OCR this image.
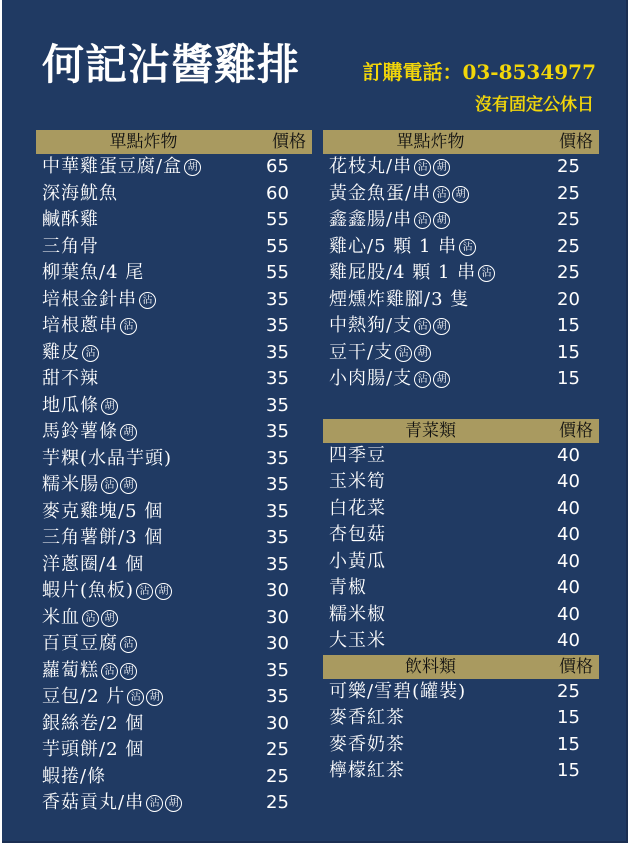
何記沾醬雞排	訂購電話：03-8534977
沒有固定公休日
單點炸物	價格
中華雞蛋豆腐/盒 胡	65
深海魷魚	60
鹹酥雞	55
三角骨	55
柳葉魚/4 尾	55
培根金針串 沾	35
培根蔥串 沾	35
雞皮 沾	35
甜不辣	35
地瓜條 胡	35
馬鈴薯條 胡	35
芋粿(水晶芋頭)	35
糯米腸 沾 胡	35
麥克雞塊/5 個	35
三角薯餅/3 個	35
洋蔥圈/4 個	35
蝦片(魚板) 沾 胡	30
米血 沾 胡	30
百頁豆腐 沾	30
蘿蔔糕 沾 胡	35
豆包/2 片 沾 胡	35
銀絲卷/2 個	30
芋頭餅/2 個	25
蝦捲/條	25
香菇貢丸/串 沾 胡	25
單點炸物	價格
花枝丸/串 沾 胡	25
黃金魚蛋/串 沾 胡	25
鑫鑫腸/串 沾 胡	25
雞心/5 顆 1 串 沾	25
雞屁股/4 顆 1 串 沾	25
煙燻炸雞腳/3 隻	20
中熱狗/支 沾 胡	15
豆干/支 沾 胡	15
小肉腸/支 沾 胡	15
青菜類	價格
四季豆	40
玉米筍	40
白花菜	40
杏包菇	40
小黃瓜	40
青椒	40
糯米椒	40
大玉米	40
飲料類	價格
可樂/雪碧(罐裝)	25
麥香紅茶	15
麥香奶茶	15
檸檬紅茶	15
